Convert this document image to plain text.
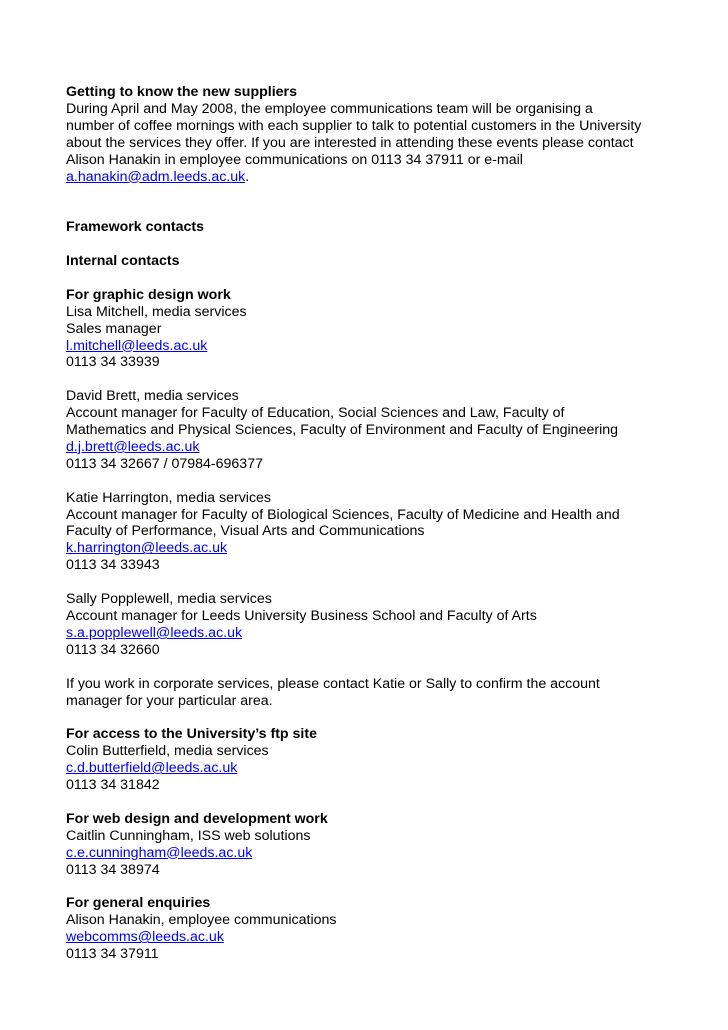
Getting to know the new suppliers
During April and May 2008, the employee communications team will be organising a
number of coffee mornings with each supplier to talk to potential customers in the University
about the services they offer. If you are interested in attending these events please contact
Alison Hanakin in employee communications on 0113 34 37911 or e-mail
a.hanakin@adm.leeds.ac.uk.
Framework contacts
Internal contacts
For graphic design work
Lisa Mitchell, media services
Sales manager
l.mitchell@leeds.ac.uk
0113 34 33939
David Brett, media services
Account manager for Faculty of Education, Social Sciences and Law, Faculty of
Mathematics and Physical Sciences, Faculty of Environment and Faculty of Engineering
d.j.brett@leeds.ac.uk
0113 34 32667 / 07984-696377
Katie Harrington, media services
Account manager for Faculty of Biological Sciences, Faculty of Medicine and Health and
Faculty of Performance, Visual Arts and Communications
k.harrington@leeds.ac.uk
0113 34 33943
Sally Popplewell, media services
Account manager for Leeds University Business School and Faculty of Arts
s.a.popplewell@leeds.ac.uk
0113 34 32660
If you work in corporate services, please contact Katie or Sally to confirm the account
manager for your particular area.
For access to the University’s ftp site
Colin Butterfield, media services
c.d.butterfield@leeds.ac.uk
0113 34 31842
For web design and development work
Caitlin Cunningham, ISS web solutions
c.e.cunningham@leeds.ac.uk
0113 34 38974
For general enquiries
Alison Hanakin, employee communications
webcomms@leeds.ac.uk
0113 34 37911
